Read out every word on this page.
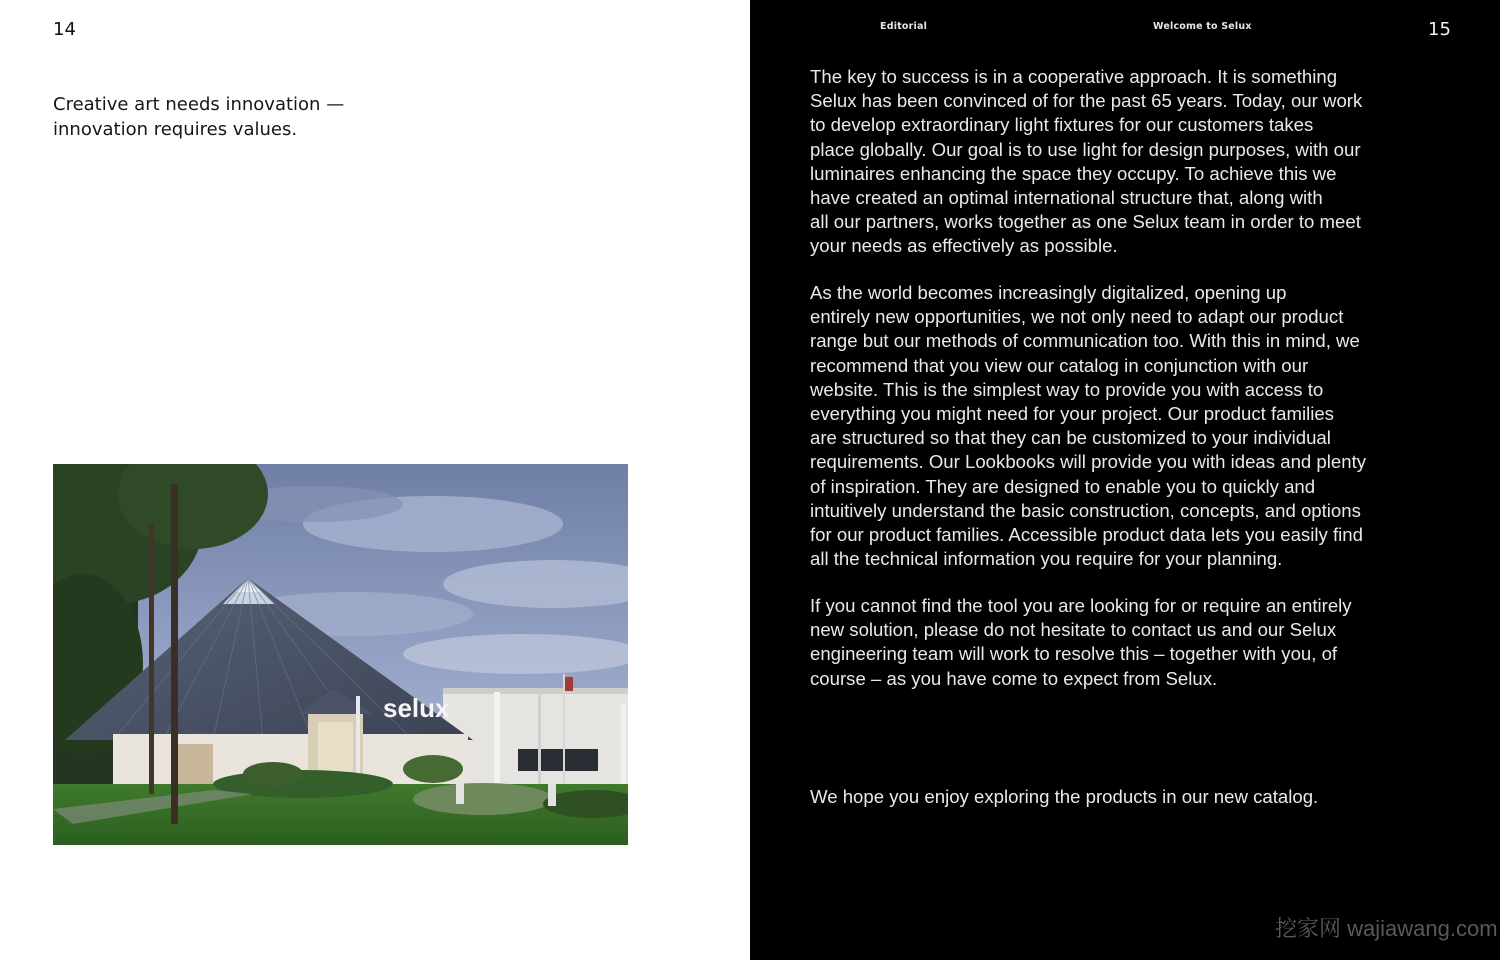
14
Creative art needs innovation —
innovation requires values.
selux
Editorial	Welcome to Selux	15
The key to success is in a cooperative approach. It is something
Selux has been convinced of for the past 65 years. Today, our work
to develop extraordinary light fixtures for our customers takes
place globally. Our goal is to use light for design purposes, with our
luminaires enhancing the space they occupy. To achieve this we
have created an optimal international structure that, along with
all our partners, works together as one Selux team in order to meet
your needs as effectively as possible.
As the world becomes increasingly digitalized, opening up
entirely new opportunities, we not only need to adapt our product
range but our methods of communication too. With this in mind, we
recommend that you view our catalog in conjunction with our
website. This is the simplest way to provide you with access to
everything you might need for your project. Our product families
are structured so that they can be customized to your individual
requirements. Our Lookbooks will provide you with ideas and plenty
of inspiration. They are designed to enable you to quickly and
intuitively understand the basic construction, concepts, and options
for our product families. Accessible product data lets you easily find
all the technical information you require for your planning.
If you cannot find the tool you are looking for or require an entirely
new solution, please do not hesitate to contact us and our Selux
engineering team will work to resolve this – together with you, of
course – as you have come to expect from Selux.
We hope you enjoy exploring the products in our new catalog.
挖家网 wajiawang.com
